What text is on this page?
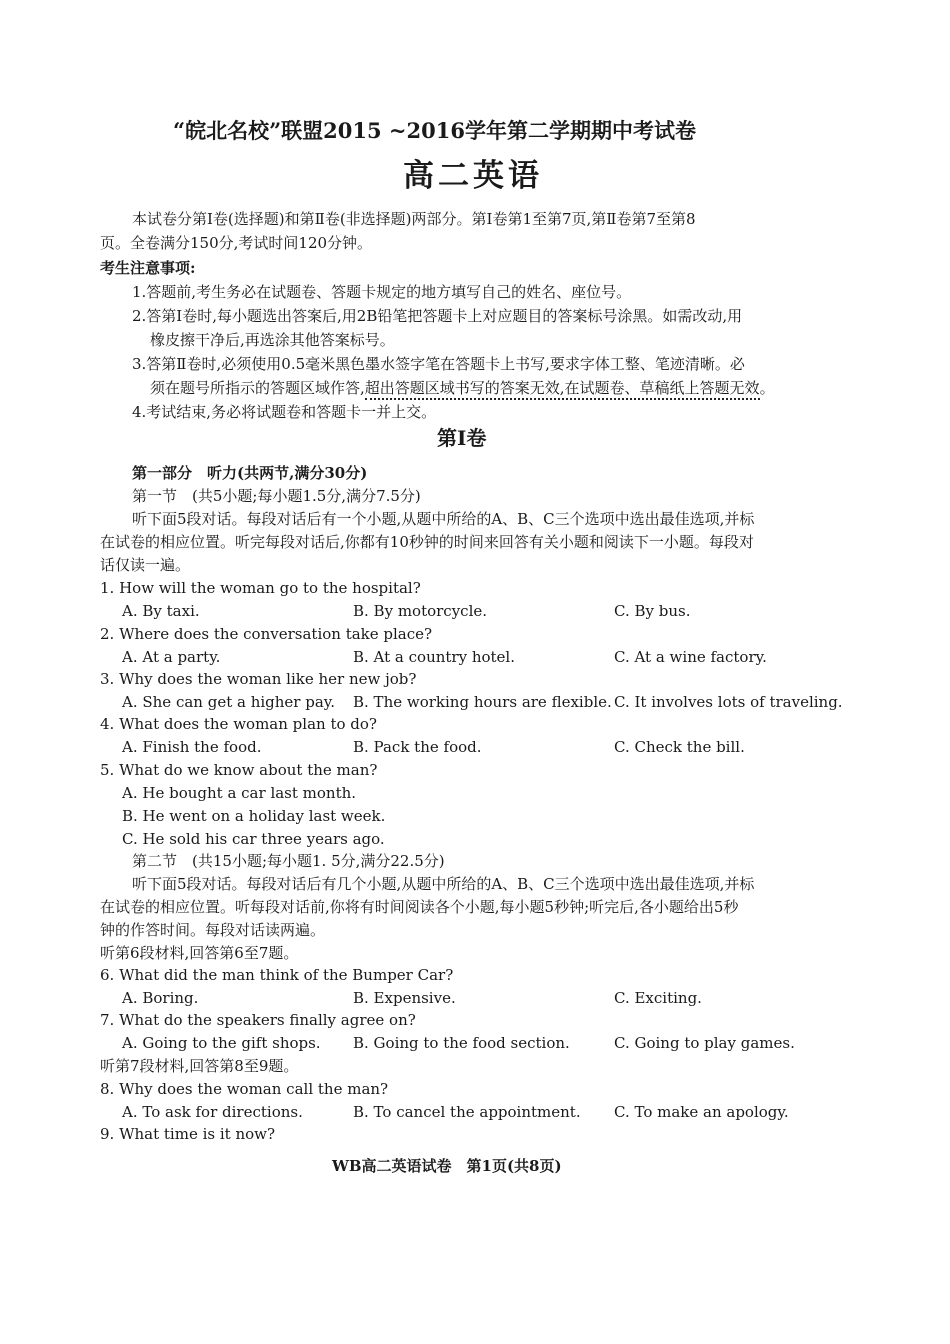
“皖北名校”联盟2015 ~2016学年第二学期期中考试卷
高二英语
本试卷分第Ⅰ卷(选择题)和第Ⅱ卷(非选择题)两部分。第Ⅰ卷第1至第7页,第Ⅱ卷第7至第8
页。全卷满分150分,考试时间120分钟。
考生注意事项:
1.答题前,考生务必在试题卷、答题卡规定的地方填写自己的姓名、座位号。
2.答第Ⅰ卷时,每小题选出答案后,用2B铅笔把答题卡上对应题目的答案标号涂黑。如需改动,用
橡皮擦干净后,再选涂其他答案标号。
3.答第Ⅱ卷时,必须使用0.5毫米黑色墨水签字笔在答题卡上书写,要求字体工整、笔迹清晰。必
须在题号所指示的答题区域作答,超出答题区域书写的答案无效,在试题卷、草稿纸上答题无效。
4.考试结束,务必将试题卷和答题卡一并上交。
第Ⅰ卷
第一部分　听力(共两节,满分30分)
第一节　(共5小题;每小题1.5分,满分7.5分)
听下面5段对话。每段对话后有一个小题,从题中所给的A、B、C三个选项中选出最佳选项,并标
在试卷的相应位置。听完每段对话后,你都有10秒钟的时间来回答有关小题和阅读下一小题。每段对
话仅读一遍。
1. How will the woman go to the hospital?
A. By taxi.	B. By motorcycle.	C. By bus.
2. Where does the conversation take place?
A. At a party.	B. At a country hotel.	C. At a wine factory.
3. Why does the woman like her new job?
A. She can get a higher pay. B. The working hours are flexible. C. It involves lots of traveling.
4. What does the woman plan to do?
A. Finish the food.	B. Pack the food.	C. Check the bill.
5. What do we know about the man?
A. He bought a car last month.
B. He went on a holiday last week.
C. He sold his car three years ago.
第二节　(共15小题;每小题1. 5分,满分22.5分)
听下面5段对话。每段对话后有几个小题,从题中所给的A、B、C三个选项中选出最佳选项,并标
在试卷的相应位置。听每段对话前,你将有时间阅读各个小题,每小题5秒钟;听完后,各小题给出5秒
钟的作答时间。每段对话读两遍。
听第6段材料,回答第6至7题。
6. What did the man think of the Bumper Car?
A. Boring.	B. Expensive.	C. Exciting.
7. What do the speakers finally agree on?
A. Going to the gift shops. B. Going to the food section.	C. Going to play games.
听第7段材料,回答第8至9题。
8. Why does the woman call the man?
A. To ask for directions.	B. To cancel the appointment. C. To make an apology.
9. What time is it now?
WB高二英语试卷　第1页(共8页)
